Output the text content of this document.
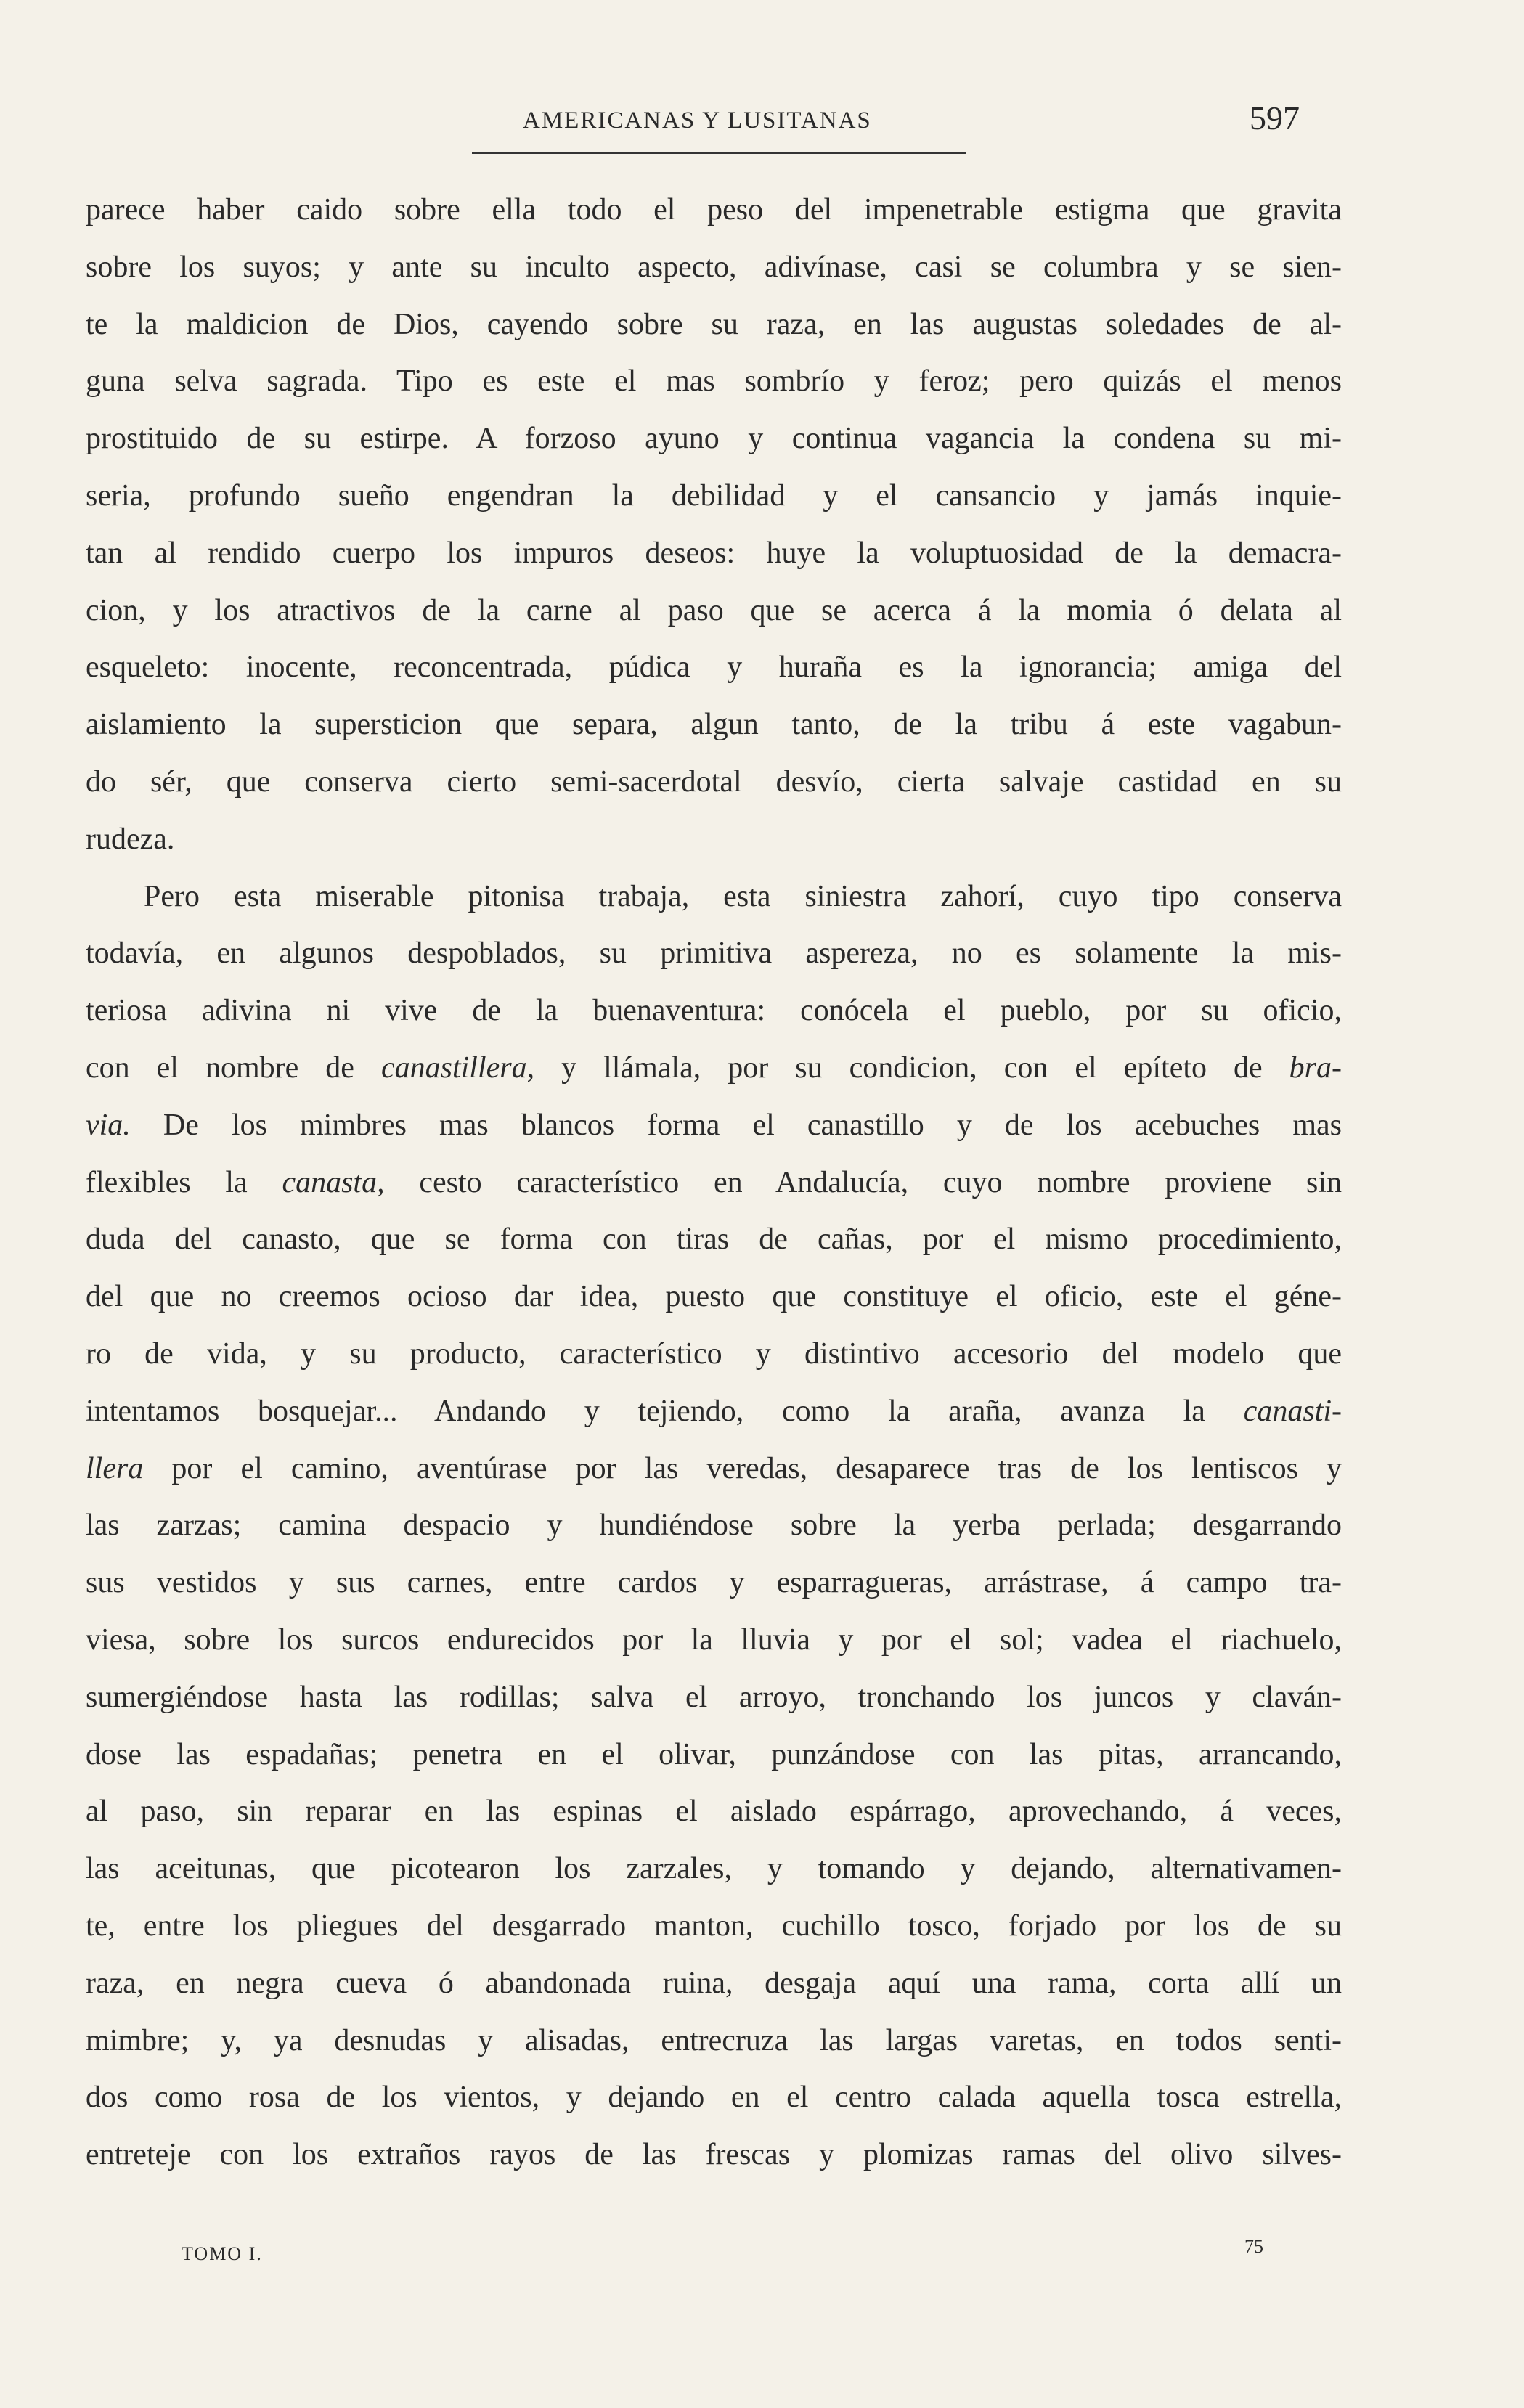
AMERICANAS Y LUSITANAS	597
parece haber caido sobre ella todo el peso del impenetrable estigma que gravita
sobre los suyos; y ante su inculto aspecto, adivínase, casi se columbra y se sien-
te la maldicion de Dios, cayendo sobre su raza, en las augustas soledades de al-
guna selva sagrada. Tipo es este el mas sombrío y feroz; pero quizás el menos
prostituido de su estirpe. A forzoso ayuno y continua vagancia la condena su mi-
seria, profundo sueño engendran la debilidad y el cansancio y jamás inquie-
tan al rendido cuerpo los impuros deseos: huye la voluptuosidad de la demacra-
cion, y los atractivos de la carne al paso que se acerca á la momia ó delata al
esqueleto: inocente, reconcentrada, púdica y huraña es la ignorancia; amiga del
aislamiento la supersticion que separa, algun tanto, de la tribu á este vagabun-
do sér, que conserva cierto semi-sacerdotal desvío, cierta salvaje castidad en su
rudeza.
Pero esta miserable pitonisa trabaja, esta siniestra zahorí, cuyo tipo conserva
todavía, en algunos despoblados, su primitiva aspereza, no es solamente la mis-
teriosa adivina ni vive de la buenaventura: conócela el pueblo, por su oficio,
con el nombre de canastillera, y llámala, por su condicion, con el epíteto de bra-
via. De los mimbres mas blancos forma el canastillo y de los acebuches mas
flexibles la canasta, cesto característico en Andalucía, cuyo nombre proviene sin
duda del canasto, que se forma con tiras de cañas, por el mismo procedimiento,
del que no creemos ocioso dar idea, puesto que constituye el oficio, este el géne-
ro de vida, y su producto, característico y distintivo accesorio del modelo que
intentamos bosquejar... Andando y tejiendo, como la araña, avanza la canasti-
llera por el camino, aventúrase por las veredas, desaparece tras de los lentiscos y
las zarzas; camina despacio y hundiéndose sobre la yerba perlada; desgarrando
sus vestidos y sus carnes, entre cardos y esparragueras, arrástrase, á campo tra-
viesa, sobre los surcos endurecidos por la lluvia y por el sol; vadea el riachuelo,
sumergiéndose hasta las rodillas; salva el arroyo, tronchando los juncos y claván-
dose las espadañas; penetra en el olivar, punzándose con las pitas, arrancando,
al paso, sin reparar en las espinas el aislado espárrago, aprovechando, á veces,
las aceitunas, que picotearon los zarzales, y tomando y dejando, alternativamen-
te, entre los pliegues del desgarrado manton, cuchillo tosco, forjado por los de su
raza, en negra cueva ó abandonada ruina, desgaja aquí una rama, corta allí un
mimbre; y, ya desnudas y alisadas, entrecruza las largas varetas, en todos senti-
dos como rosa de los vientos, y dejando en el centro calada aquella tosca estrella,
entreteje con los extraños rayos de las frescas y plomizas ramas del olivo silves-
TOMO I.	75
